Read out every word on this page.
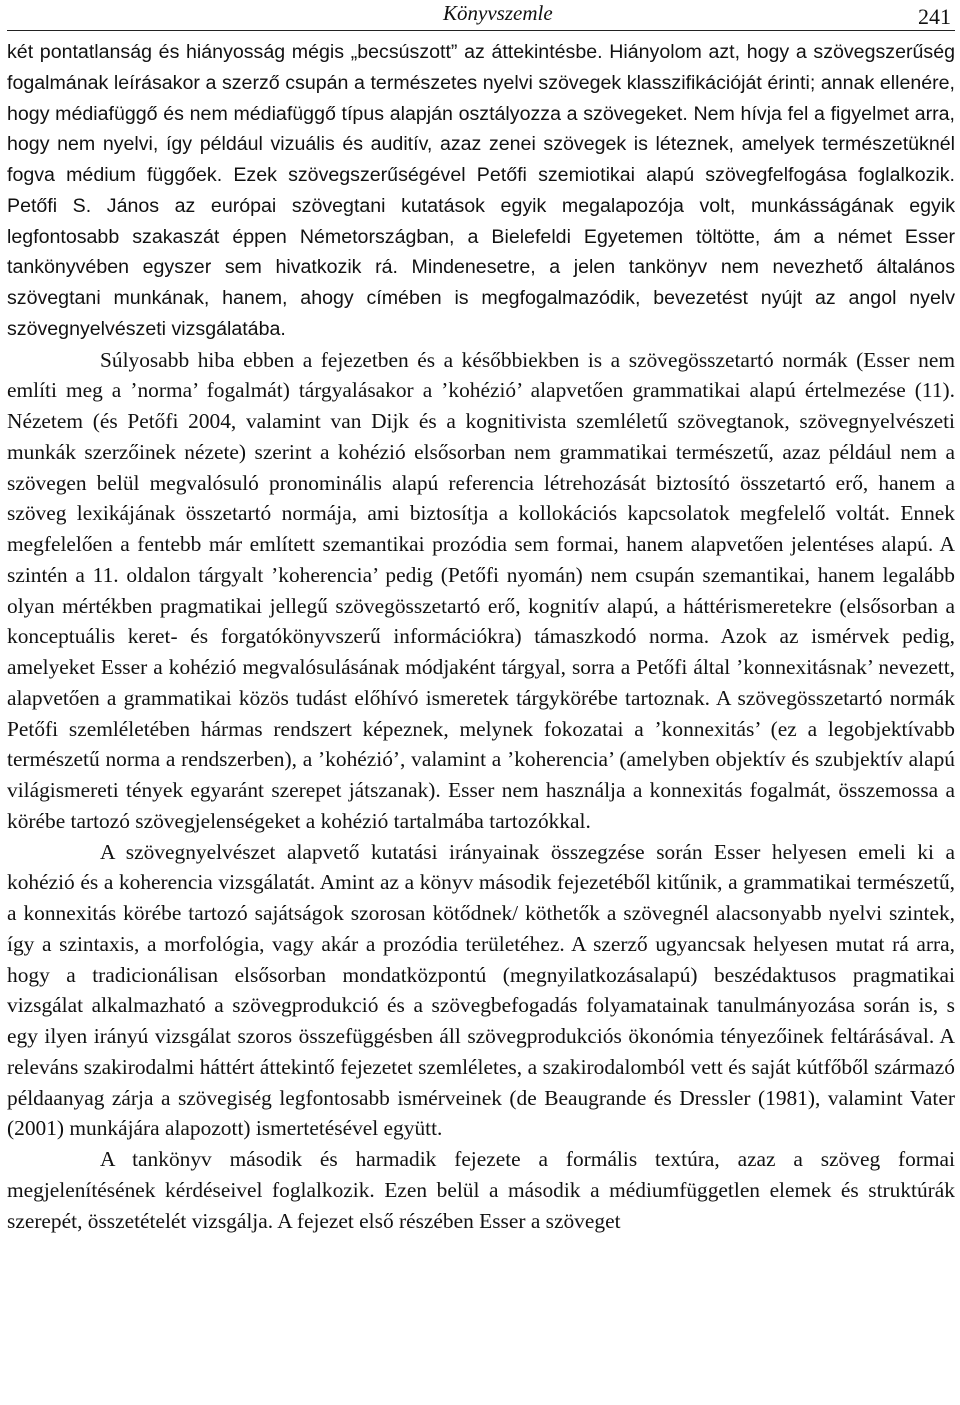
Könyvszemle	241

két pontatlanság és hiányosság mégis „becsúszott” az áttekintésbe. Hiányolom azt, hogy a szövegszerűség fogalmának leírásakor a szerző csupán a természetes nyelvi szövegek klasszifikációját érinti; annak ellenére, hogy médiafüggő és nem médiafüggő típus alapján osztályozza a szövegeket. Nem hívja fel a figyelmet arra, hogy nem nyelvi, így például vizuális és auditív, azaz zenei szövegek is léteznek, amelyek természetüknél fogva médium függőek. Ezek szövegszerűségével Petőfi szemiotikai alapú szövegfelfogása foglalkozik. Petőfi S. János az európai szövegtani kutatások egyik megalapozója volt, munkásságának egyik legfontosabb szakaszát éppen Németországban, a Bielefeldi Egyetemen töltötte, ám a német Esser tankönyvében egyszer sem hivatkozik rá. Mindenesetre, a jelen tankönyv nem nevezhető általános szövegtani munkának, hanem, ahogy címében is megfogalmazódik, bevezetést nyújt az angol nyelv szövegnyelvészeti vizsgálatába.

Súlyosabb hiba ebben a fejezetben és a későbbiekben is a szövegösszetartó normák (Esser nem említi meg a ’norma’ fogalmát) tárgyalásakor a ’kohézió’ alapvetően grammatikai alapú értelmezése (11). Nézetem (és Petőfi 2004, valamint van Dijk és a kognitivista szemléletű szövegtanok, szövegnyelvészeti munkák szerzőinek nézete) szerint a kohézió elsősorban nem grammatikai természetű, azaz például nem a szövegen belül megvalósuló pronominális alapú referencia létrehozását biztosító összetartó erő, hanem a szöveg lexikájának összetartó normája, ami biztosítja a kollokációs kapcsolatok megfelelő voltát. Ennek megfelelően a fentebb már említett szemantikai prozódia sem formai, hanem alapvetően jelentéses alapú. A szintén a 11. oldalon tárgyalt ’koherencia’ pedig (Petőfi nyomán) nem csupán szemantikai, hanem legalább olyan mértékben pragmatikai jellegű szövegösszetartó erő, kognitív alapú, a háttérismeretekre (elsősorban a konceptuális keret- és forgatókönyvszerű információkra) támaszkodó norma. Azok az ismérvek pedig, amelyeket Esser a kohézió megvalósulásának módjaként tárgyal, sorra a Petőfi által ’konnexitásnak’ nevezett, alapvetően a grammatikai közös tudást előhívó ismeretek tárgykörébe tartoznak. A szövegösszetartó normák Petőfi szemléletében hármas rendszert képeznek, melynek fokozatai a ’konnexitás’ (ez a legobjektívabb természetű norma a rendszerben), a ’kohézió’, valamint a ’koherencia’ (amelyben objektív és szubjektív alapú világismereti tények egyaránt szerepet játszanak). Esser nem használja a konnexitás fogalmát, összemossa a körébe tartozó szövegjelenségeket a kohézió tartalmába tartozókkal.

A szövegnyelvészet alapvető kutatási irányainak összegzése során Esser helyesen emeli ki a kohézió és a koherencia vizsgálatát. Amint az a könyv második fejezetéből kitűnik, a grammatikai természetű, a konnexitás körébe tartozó sajátságok szorosan kötődnek/ köthetők a szövegnél alacsonyabb nyelvi szintek, így a szintaxis, a morfológia, vagy akár a prozódia területéhez. A szerző ugyancsak helyesen mutat rá arra, hogy a tradicionálisan elsősorban mondatközpontú (megnyilatkozásalapú) beszédaktusos pragmatikai vizsgálat alkalmazható a szövegprodukció és a szövegbefogadás folyamatainak tanulmányozása során is, s egy ilyen irányú vizsgálat szoros összefüggésben áll szövegprodukciós ökonómia tényezőinek feltárásával. A releváns szakirodalmi háttért áttekintő fejezetet szemléletes, a szakirodalomból vett és saját kútfőből származó példaanyag zárja a szövegiség legfontosabb ismérveinek (de Beaugrande és Dressler (1981), valamint Vater (2001) munkájára alapozott) ismertetésével együtt.

A tankönyv második és harmadik fejezete a formális textúra, azaz a szöveg formai megjelenítésének kérdéseivel foglalkozik. Ezen belül a második a médiumfüggetlen elemek és struktúrák szerepét, összetételét vizsgálja. A fejezet első részében Esser a szöveget
